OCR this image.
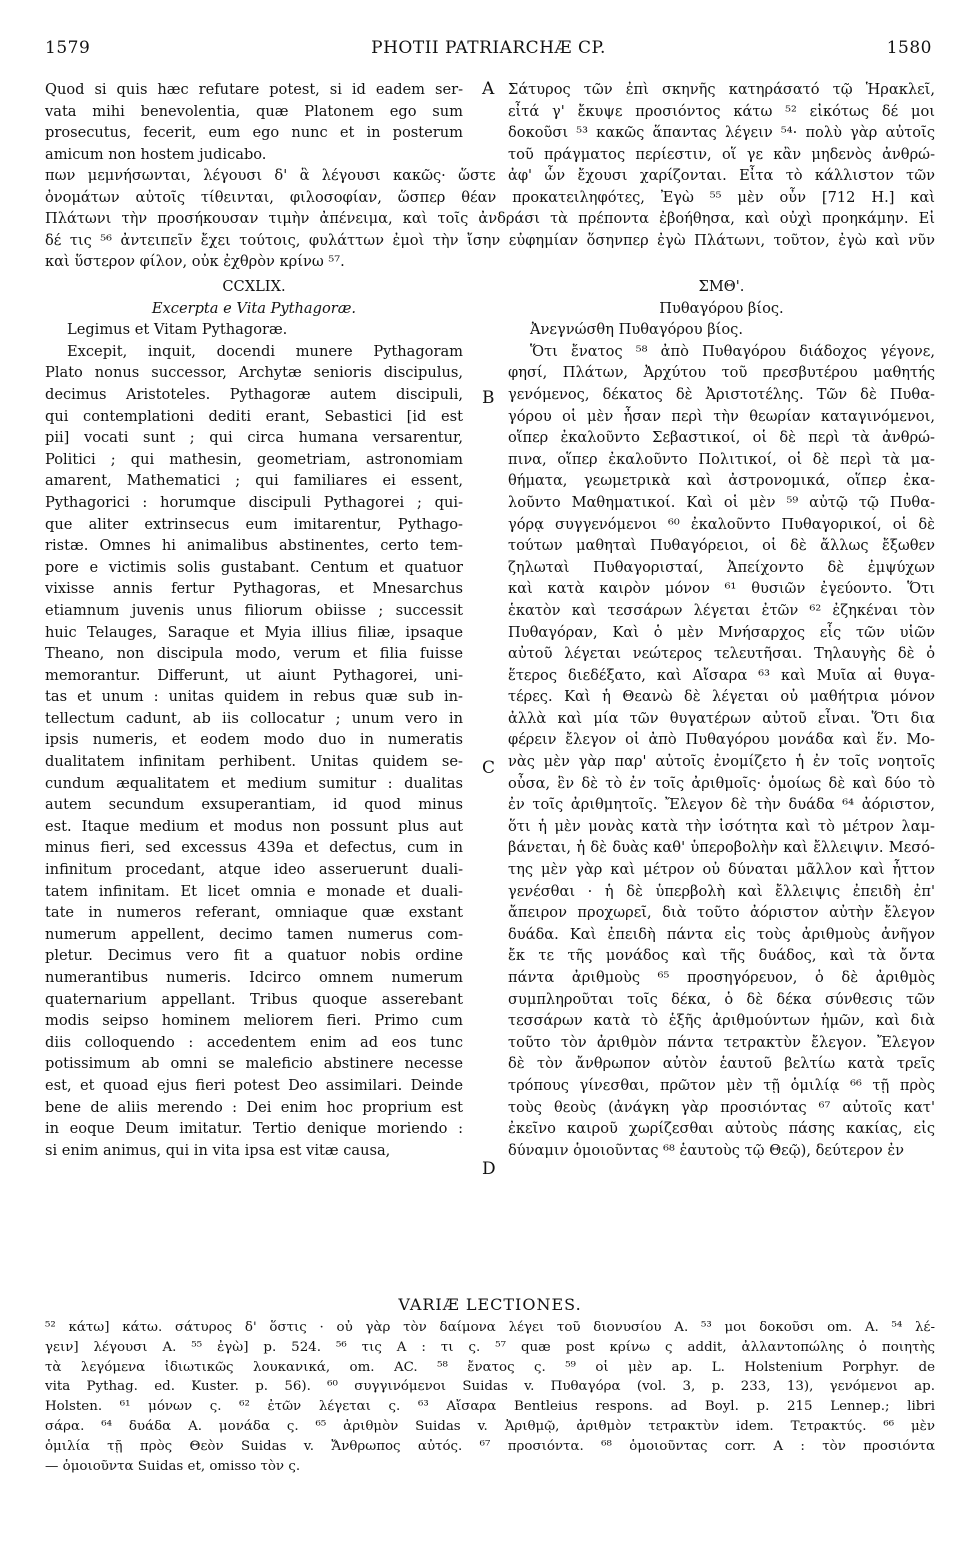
1579	PHOTII PATRIARCHÆ CP.	1580

Quod si quis hæc refutare potest, si id eadem ser-

vata mihi benevolentia, quæ Platonem ego sum

prosecutus, fecerit, eum ego nunc et in posterum

amicum non hostem judicabo.

Σάτυρος τῶν ἐπὶ σκηνῆς κατηράσατό τῷ Ἡρακλεῖ,

εἶτά γ' ἔκυψε προσιόντος κάτω ⁵² εἰκότως δέ μοι

δοκοῦσι ⁵³ κακῶς ἅπαντας λέγειν ⁵⁴· πολὺ γὰρ αὐτοῖς

τοῦ πράγματος περίεστιν, οἵ γε κἂν μηδενὸς ἀνθρώ-

πων μεμνήσωνται, λέγουσι δ' ἃ λέγουσι κακῶς· ὥστε ἀφ' ὧν ἔχουσι χαρίζονται. Εἶτα τὸ κάλλιστον τῶν

ὀνομάτων αὐτοῖς τίθεινται, φιλοσοφίαν, ὥσπερ θέαν προκατειληφότες, Ἐγὼ ⁵⁵ μὲν οὖν [712 H.] καὶ

Πλάτωνι τὴν προσήκουσαν τιμὴν ἀπένειμα, καὶ τοῖς ἀνδράσι τὰ πρέποντα ἐβοήθησα, καὶ οὐχὶ προηκάμην. Εἰ

δέ τις ⁵⁶ ἀντειπεῖν ἔχει τούτοις, φυλάττων ἐμοὶ τὴν ἴσην εὐφημίαν ὅσηνπερ ἐγὼ Πλάτωνι, τοῦτον, ἐγὼ καὶ νῦν

καὶ ὕστερον φίλον, οὐκ ἐχθρὸν κρίνω ⁵⁷.

A
B
C
D

CCXLIX.

Excerpta e Vita Pythagoræ.

Legimus et Vitam Pythagoræ.

Excepit, inquit, docendi munere Pythagoram

Plato nonus successor, Archytæ senioris discipulus,

decimus Aristoteles. Pythagoræ autem discipuli,

qui contemplationi dediti erant, Sebastici [id est

pii] vocati sunt ; qui circa humana versarentur,

Politici ; qui mathesin, geometriam, astronomiam

amarent, Mathematici ; qui familiares ei essent,

Pythagorici : horumque discipuli Pythagorei ; qui-

que aliter extrinsecus eum imitarentur, Pythago-

ristæ. Omnes hi animalibus abstinentes, certo tem-

pore e victimis solis gustabant. Centum et quatuor

vixisse annis fertur Pythagoras, et Mnesarchus

etiamnum juvenis unus filiorum obiisse ; successit

huic Telauges, Saraque et Myia illius filiæ, ipsaque

Theano, non discipula modo, verum et filia fuisse

memorantur. Differunt, ut aiunt Pythagorei, uni-

tas et unum : unitas quidem in rebus quæ sub in-

tellectum cadunt, ab iis collocatur ; unum vero in

ipsis numeris, et eodem modo duo in numeratis

dualitatem infinitam perhibent. Unitas quidem se-

cundum æqualitatem et medium sumitur : dualitas

autem secundum exsuperantiam, id quod minus

est. Itaque medium et modus non possunt plus aut

minus fieri, sed excessus 439a et defectus, cum in

infinitum procedant, atque ideo asseruerunt duali-

tatem infinitam. Et licet omnia e monade et duali-

tate in numeros referant, omniaque quæ exstant

numerum appellent, decimo tamen numerus com-

pletur. Decimus vero fit a quatuor nobis ordine

numerantibus numeris. Idcirco omnem numerum

quaternarium appellant. Tribus quoque asserebant

modis seipso hominem meliorem fieri. Primo cum

diis colloquendo : accedentem enim ad eos tunc

potissimum ab omni se maleficio abstinere necesse

est, et quoad ejus fieri potest Deo assimilari. Deinde

bene de aliis merendo : Dei enim hoc proprium est

in eoque Deum imitatur. Tertio denique moriendo :

si enim animus, qui in vita ipsa est vitæ causa,

ΣΜΘ'.

Πυθαγόρου βίος.

Ἀνεγνώσθη Πυθαγόρου βίος.

Ὅτι ἔνατος ⁵⁸ ἀπὸ Πυθαγόρου διάδοχος γέγονε,

φησί, Πλάτων, Ἀρχύτου τοῦ πρεσβυτέρου μαθητής

γενόμενος, δέκατος δὲ Ἀριστοτέλης. Τῶν δὲ Πυθα-

γόρου οἱ μὲν ἦσαν περὶ τὴν θεωρίαν καταγινόμενοι,

οἵπερ ἐκαλοῦντο Σεβαστικοί, οἱ δὲ περὶ τὰ ἀνθρώ-

πινα, οἵπερ ἐκαλοῦντο Πολιτικοί, οἱ δὲ περὶ τὰ μα-

θήματα, γεωμετρικὰ καὶ ἀστρονομικά, οἵπερ ἐκα-

λοῦντο Μαθηματικοί. Καὶ οἱ μὲν ⁵⁹ αὐτῷ τῷ Πυθα-

γόρᾳ συγγενόμενοι ⁶⁰ ἐκαλοῦντο Πυθαγορικοί, οἱ δὲ

τούτων μαθηταὶ Πυθαγόρειοι, οἱ δὲ ἄλλως ἔξωθεν

ζηλωταὶ Πυθαγορισταί, Ἀπείχοντο δὲ ἐμψύχων

καὶ κατὰ καιρὸν μόνον ⁶¹ θυσιῶν ἐγεύοντο. Ὅτι

ἑκατὸν καὶ τεσσάρων λέγεται ἐτῶν ⁶² ἐζηκέναι τὸν

Πυθαγόραν, Καὶ ὁ μὲν Μνήσαρχος εἷς τῶν υἱῶν

αὐτοῦ λέγεται νεώτερος τελευτῆσαι. Τηλαυγὴς δὲ ὁ

ἕτερος διεδέξατο, καὶ Αἴσαρα ⁶³ καὶ Μυῖα αἱ θυγα-

τέρες. Καὶ ἡ Θεανὼ δὲ λέγεται οὐ μαθήτρια μόνον

ἀλλὰ καὶ μία τῶν θυγατέρων αὐτοῦ εἶναι. Ὅτι δια

φέρειν ἔλεγον οἱ ἀπὸ Πυθαγόρου μονάδα καὶ ἕν. Μο-

νὰς μὲν γὰρ παρ' αὐτοῖς ἐνομίζετο ἡ ἐν τοῖς νοητοῖς

οὖσα, ἓν δὲ τὸ ἐν τοῖς ἀριθμοῖς· ὁμοίως δὲ καὶ δύο τὸ

ἐν τοῖς ἀριθμητοῖς. Ἔλεγον δὲ τὴν δυάδα ⁶⁴ ἀόριστον,

ὅτι ἡ μὲν μονὰς κατὰ τὴν ἰσότητα καὶ τὸ μέτρον λαμ-

βάνεται, ἡ δὲ δυὰς καθ' ὑπεροβολὴν καὶ ἔλλειψιν. Μεσό-

της μὲν γὰρ καὶ μέτρον οὐ δύναται μᾶλλον καὶ ἧττον

γενέσθαι · ἡ δὲ ὑπερβολὴ καὶ ἔλλειψις ἐπειδὴ ἐπ'

ἄπειρον προχωρεῖ, διὰ τοῦτο ἀόριστον αὐτὴν ἔλεγον

δυάδα. Καὶ ἐπειδὴ πάντα εἰς τοὺς ἀριθμοὺς ἀνῆγον

ἔκ τε τῆς μονάδος καὶ τῆς δυάδος, καὶ τὰ ὄντα

πάντα ἀριθμοὺς ⁶⁵ προσηγόρευον, ὁ δὲ ἀριθμὸς

συμπληροῦται τοῖς δέκα, ὁ δὲ δέκα σύνθεσις τῶν

τεσσάρων κατὰ τὸ ἑξῆς ἀριθμούντων ἡμῶν, καὶ διὰ

τοῦτο τὸν ἀριθμὸν πάντα τετρακτὺν ἔλεγον. Ἔλεγον

δὲ τὸν ἄνθρωπον αὐτὸν ἑαυτοῦ βελτίω κατὰ τρεῖς

τρόπους γίνεσθαι, πρῶτον μὲν τῇ ὁμιλίᾳ ⁶⁶ τῇ πρὸς

τοὺς θεοὺς (ἀνάγκη γὰρ προσιόντας ⁶⁷ αὐτοῖς κατ'

ἐκεῖνο καιροῦ χωρίζεσθαι αὐτοὺς πάσης κακίας, εἰς

δύναμιν ὁμοιοῦντας ⁶⁸ ἑαυτοὺς τῷ Θεῷ), δεύτερον ἐν

VARIÆ LECTIONES.

⁵² κάτω] κάτω. σάτυρος δ' ὅστις · οὐ γὰρ τὸν δαίμονα λέγει τοῦ διονυσίου A. ⁵³ μοι δοκοῦσι om. A. ⁵⁴ λέ-

γειν] λέγουσι A. ⁵⁵ ἐγὼ] p. 524. ⁵⁶ τις A : τι ς. ⁵⁷ quæ post κρίνω ς addit, ἀλλαντοπώλης ὁ ποιητὴς

τὰ λεγόμενα ἰδιωτικῶς λουκανικά, om. AC. ⁵⁸ ἔνατος ς. ⁵⁹ οἱ μὲν ap. L. Holstenium Porphyr. de

vita Pythag. ed. Kuster. p. 56). ⁶⁰ συγγινόμενοι Suidas v. Πυθαγόρα (vol. 3, p. 233, 13), γενόμενοι ap.

Holsten. ⁶¹ μόνων ς. ⁶² ἐτῶν λέγεται ς. ⁶³ Αἴσαρα Bentleius respons. ad Boyl. p. 215 Lennep.; libri

σάρα. ⁶⁴ δυάδα A. μονάδα ς. ⁶⁵ ἀριθμὸν Suidas v. Ἀριθμῷ, ἀριθμὸν τετρακτὺν idem. Τετρακτύς. ⁶⁶ μὲν

ὁμιλία τῇ πρὸς Θεὸν Suidas v. Ἄνθρωπος αὐτός. ⁶⁷ προσιόντα. ⁶⁸ ὁμοιοῦντας corr. A : τὸν προσιόντα

— ὁμοιοῦντα Suidas et, omisso τὸν ς.
